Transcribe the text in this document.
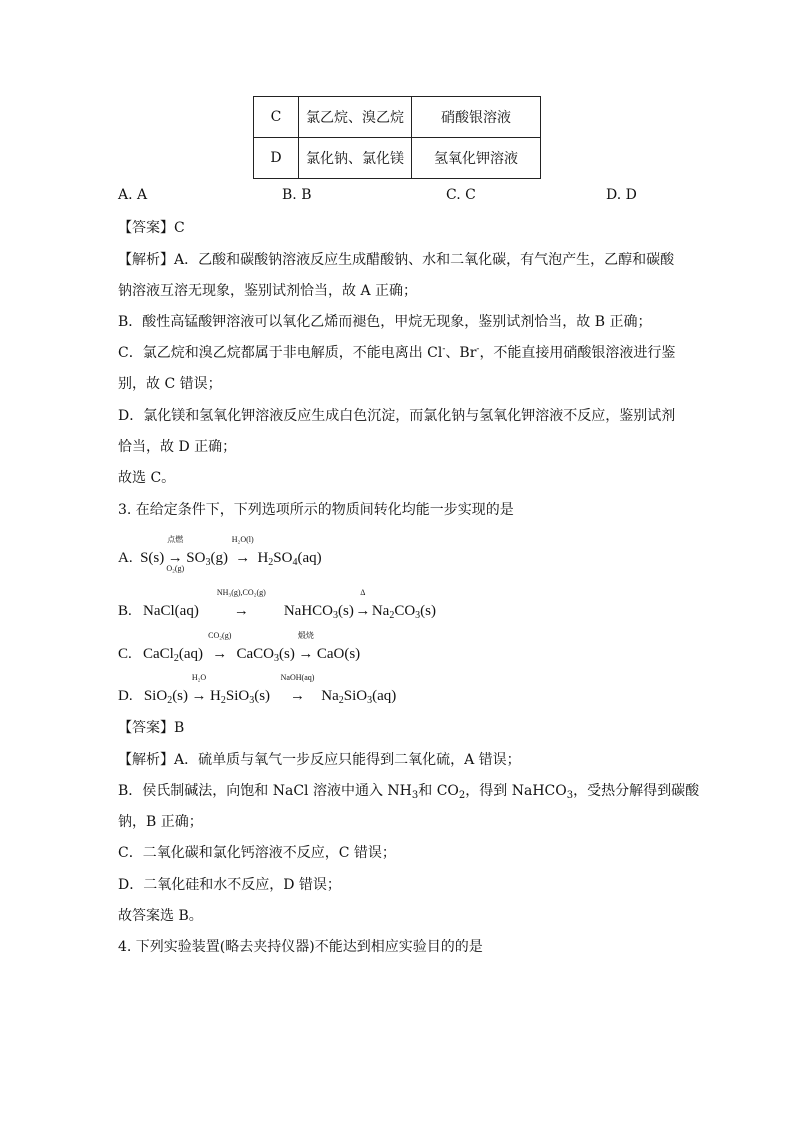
C	氯乙烷、溴乙烷	硝酸银溶液
D	氯化钠、氯化镁	氢氧化钾溶液
A. A	B. B	C. C	D. D
【答案】C
【解析】A．乙酸和碳酸钠溶液反应生成醋酸钠、水和二氧化碳，有气泡产生，乙醇和碳酸
钠溶液互溶无现象，鉴别试剂恰当，故 A 正确；
B．酸性高锰酸钾溶液可以氧化乙烯而褪色，甲烷无现象，鉴别试剂恰当，故 B 正确；
C．氯乙烷和溴乙烷都属于非电解质，不能电离出 Cl-、Br-，不能直接用硝酸银溶液进行鉴
别，故 C 错误；
D．氯化镁和氢氧化钾溶液反应生成白色沉淀，而氯化钠与氢氧化钾溶液不反应，鉴别试剂
恰当，故 D 正确；
故选 C。
3. 在给定条件下，下列选项所示的物质间转化均能一步实现的是
A.  S(s) →
点燃
O₂(g)
$SO_3(g)$ →
H₂O(l)
$H_2SO_4(aq)$
B.   NaCl(aq)  →
NH₃(g),CO₂(g)
NaHCO$_3$(s) →
Δ
$Na_2CO_3(s)$
C.   CaCl$_2$(aq) →
CO₂(g)
CaCO$_3$(s) →
煅烧
CaO(s)
D.   SiO$_2$(s) →
H₂O
$H_2SiO_3(s)$  →
NaOH(aq)
$Na_2SiO_3(aq)$
【答案】B
【解析】A．硫单质与氧气一步反应只能得到二氧化硫，A 错误；
B．侯氏制碱法，向饱和 NaCl 溶液中通入 $NH_3$和 $CO_2$，得到 NaHCO$_3$，受热分解得到碳酸
钠，B 正确；
C．二氧化碳和氯化钙溶液不反应，C 错误；
D．二氧化硅和水不反应，D 错误；
故答案选 B。
4. 下列实验装置(略去夹持仪器)不能达到相应实验目的的是
